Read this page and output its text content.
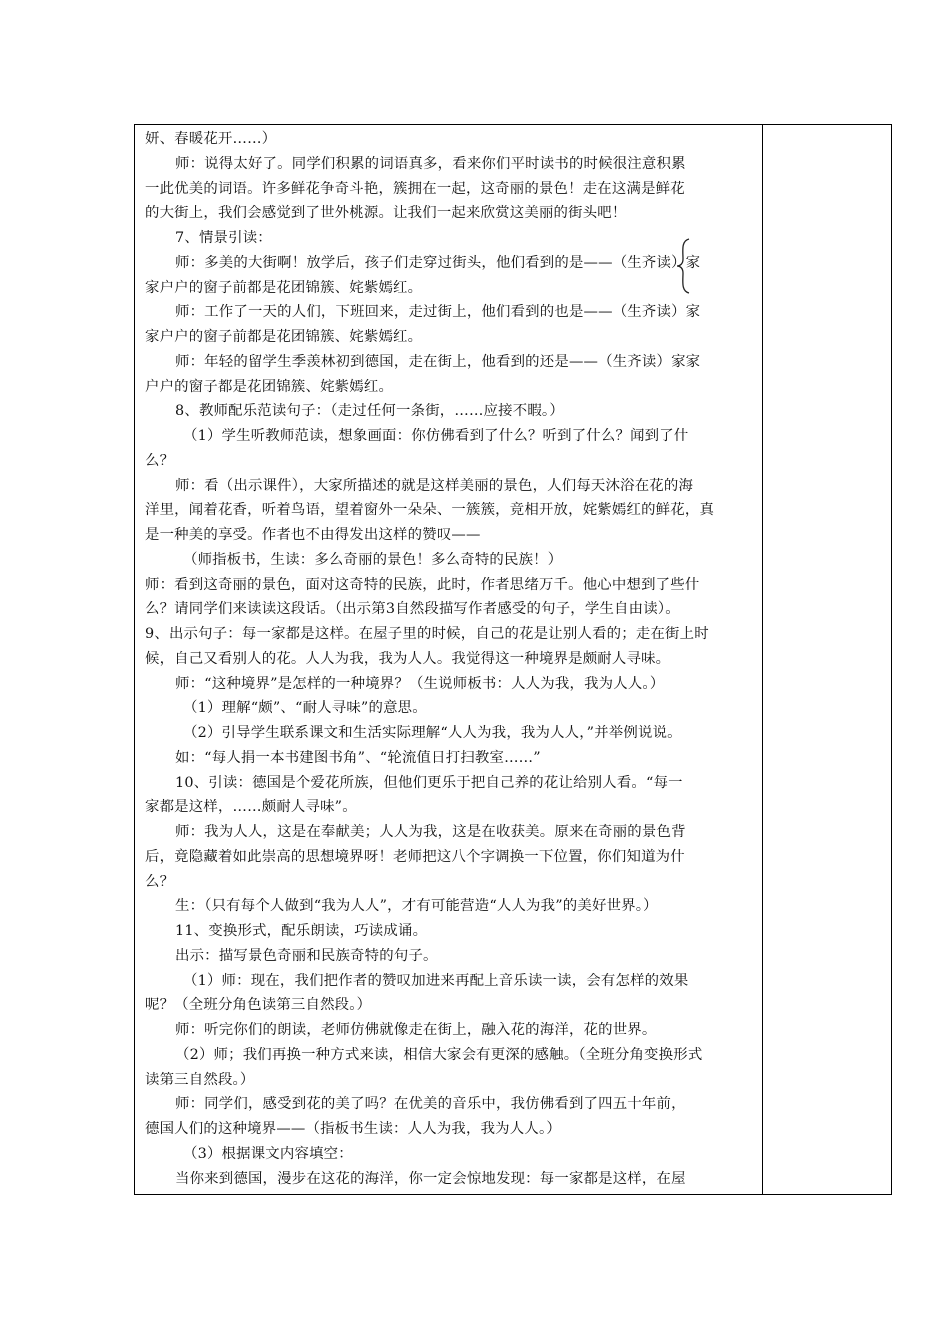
妍、春暖花开……）
师：说得太好了。同学们积累的词语真多，看来你们平时读书的时候很注意积累
一此优美的词语。许多鲜花争奇斗艳，簇拥在一起，这奇丽的景色！走在这满是鲜花
的大街上，我们会感觉到了世外桃源。让我们一起来欣赏这美丽的街头吧！
7、情景引读：
师：多美的大街啊！放学后，孩子们走穿过街头，他们看到的是——（生齐读）家
家户户的窗子前都是花团锦簇、姹紫嫣红。
师：工作了一天的人们，下班回来，走过街上，他们看到的也是——（生齐读）家
家户户的窗子前都是花团锦簇、姹紫嫣红。
师：年轻的留学生季羡林初到德国，走在街上，他看到的还是——（生齐读）家家
户户的窗子都是花团锦簇、姹紫嫣红。
8、教师配乐范读句子：（走过任何一条街，……应接不暇。）
（1）学生听教师范读，想象画面：你仿佛看到了什么？听到了什么？闻到了什
么？
师：看（出示课件），大家所描述的就是这样美丽的景色，人们每天沐浴在花的海
洋里，闻着花香，听着鸟语，望着窗外一朵朵、一簇簇，竞相开放，姹紫嫣红的鲜花，真
是一种美的享受。作者也不由得发出这样的赞叹——
（师指板书，生读：多么奇丽的景色！多么奇特的民族！）
师：看到这奇丽的景色，面对这奇特的民族，此时，作者思绪万千。他心中想到了些什
么？请同学们来读读这段话。（出示第3自然段描写作者感受的句子，学生自由读）。
9、出示句子：每一家都是这样。在屋子里的时候，自己的花是让别人看的；走在街上时
候，自己又看别人的花。人人为我，我为人人。我觉得这一种境界是颇耐人寻味。
师：“这种境界”是怎样的一种境界？（生说师板书：人人为我，我为人人。）
（1）理解“颇”、“耐人寻味”的意思。
（2）引导学生联系课文和生活实际理解“人人为我，我为人人，”并举例说说。
如：“每人捐一本书建图书角”、“轮流值日打扫教室……”
10、引读：德国是个爱花所族，但他们更乐于把自己养的花让给别人看。“每一
家都是这样，……颇耐人寻味”。
师：我为人人，这是在奉献美；人人为我，这是在收获美。原来在奇丽的景色背
后，竟隐藏着如此崇高的思想境界呀！老师把这八个字调换一下位置，你们知道为什
么？
生：（只有每个人做到“我为人人”，才有可能营造“人人为我”的美好世界。）
11、变换形式，配乐朗读，巧读成诵。
出示：描写景色奇丽和民族奇特的句子。
（1）师：现在，我们把作者的赞叹加进来再配上音乐读一读，会有怎样的效果
呢？（全班分角色读第三自然段。）
师：听完你们的朗读，老师仿佛就像走在街上，融入花的海洋，花的世界。
（2）师；我们再换一种方式来读，相信大家会有更深的感触。（全班分角变换形式
读第三自然段。）
师：同学们，感受到花的美了吗？在优美的音乐中，我仿佛看到了四五十年前，
德国人们的这种境界——（指板书生读：人人为我，我为人人。）
（3）根据课文内容填空：
当你来到德国，漫步在这花的海洋，你一定会惊地发现：每一家都是这样，在屋
